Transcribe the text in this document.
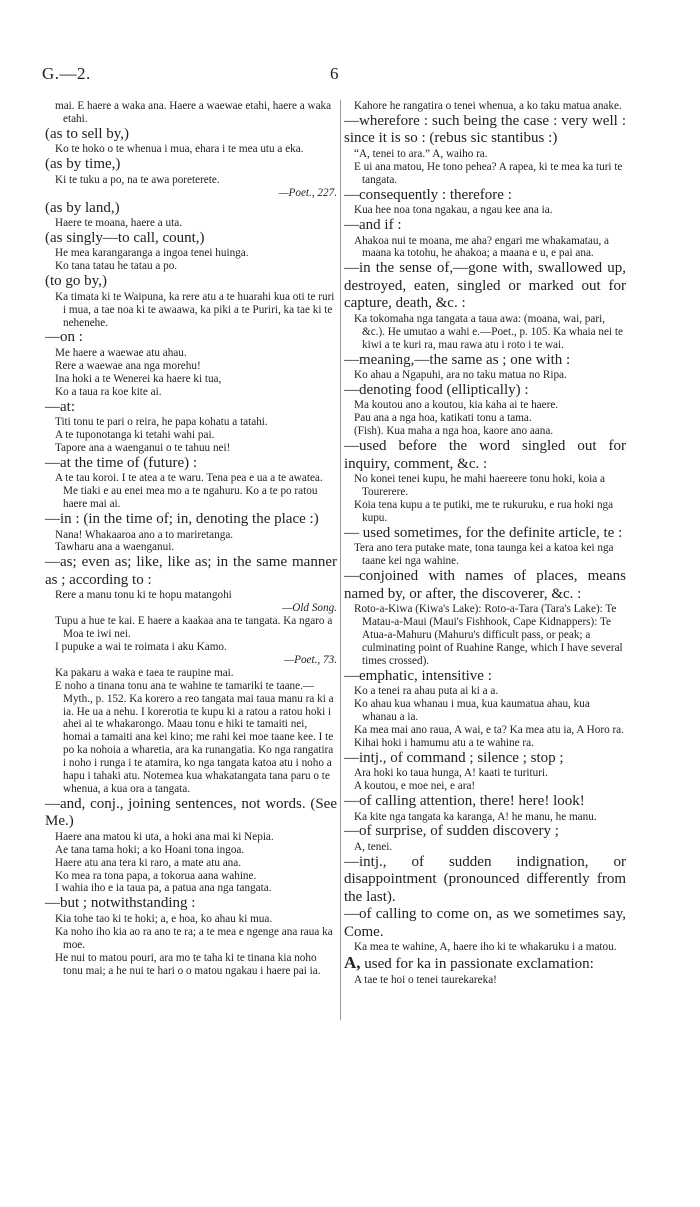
G.—2.	6

mai. E haere a waka ana. Haere a waewae etahi, haere a waka etahi.

(as to sell by,)

Ko te hoko o te whenua i mua, ehara i te mea utu a eka.

(as by time,)

Ki te tuku a po, na te awa poreterete.

—Poet., 227.

(as by land,)

Haere te moana, haere a uta.

(as singly—to call, count,)

He mea karangaranga a ingoa tenei huinga.

Ko tana tatau he tatau a po.

(to go by,)

Ka timata ki te Waipuna, ka rere atu a te huarahi kua oti te ruri i mua, a tae noa ki te awaawa, ka piki a te Puriri, ka tae ki te nehenehe.

—on :

Me haere a waewae atu ahau.

Rere a waewae ana nga morehu!

Ina hoki a te Wenerei ka haere ki tua,

Ko a taua ra koe kite ai.

—at:

Titi tonu te pari o reira, he papa kohatu a tatahi.

A te tuponotanga ki tetahi wahi pai.

Tapore ana a waenganui o te tahuu nei!

—at the time of (future) :

A te tau koroi. I te atea a te waru. Tena pea e ua a te awatea. Me tiaki e au enei mea mo a te ngahuru. Ko a te po ratou haere mai ai.

—in : (in the time of; in, denoting the place :)

Nana! Whakaaroa ano a to mariretanga.

Tawharu ana a waenganui.

—as; even as; like, like as; in the same manner as ; according to :

Rere a manu tonu ki te hopu matangohi

—Old Song.

Tupu a hue te kai. E haere a kaakaa ana te tangata. Ka ngaro a Moa te iwi nei.

I pupuke a wai te roimata i aku Kamo.

—Poet., 73.

Ka pakaru a waka e taea te raupine mai.

E noho a tinana tonu ana te wahine te tamariki te taane.—Myth., p. 152. Ka korero a reo tangata mai taua manu ra ki a ia. He ua a nehu. I korerotia te kupu ki a ratou a ratou hoki i ahei ai te whakarongo. Maau tonu e hiki te tamaiti nei, homai a tamaiti ana kei kino; me rahi kei moe taane kee. I te po ka nohoia a wharetia, ara ka runangatia. Ko nga rangatira i noho i runga i te atamira, ko nga tangata katoa atu i noho a hapu i tahaki atu. Notemea kua whakatangata tana paru o te whenua, a kua ora a tangata.

—and, conj., joining sentences, not words. (See Me.)

Haere ana matou ki uta, a hoki ana mai ki Nepia.

Ae tana tama hoki; a ko Hoani tona ingoa.

Haere atu ana tera ki raro, a mate atu ana.

Ko mea ra tona papa, a tokorua aana wahine.

I wahia iho e ia taua pa, a patua ana nga tangata.

—but ; notwithstanding :

Kia tohe tao ki te hoki; a, e hoa, ko ahau ki mua.

Ka noho iho kia ao ra ano te ra; a te mea e ngenge ana raua ka moe.

He nui to matou pouri, ara mo te taha ki te tinana kia noho tonu mai; a he nui te hari o o matou ngakau i haere pai ia.

Kahore he rangatira o tenei whenua, a ko taku matua anake.

—wherefore : such being the case : very well : since it is so : (rebus sic stantibus :)

“A, tenei to ara.” A, waiho ra.

E ui ana matou, He tono pehea? A rapea, ki te mea ka turi te tangata.

—consequently : therefore :

Kua hee noa tona ngakau, a ngau kee ana ia.

—and if :

Ahakoa nui te moana, me aha? engari me whakamatau, a maana ka totohu, he ahakoa; a maana e u, e pai ana.

—in the sense of,—gone with, swallowed up, destroyed, eaten, singled or marked out for capture, death, &c. :

Ka tokomaha nga tangata a taua awa: (moana, wai, pari, &c.). He umutao a wahi e.—Poet., p. 105. Ka whaia nei te kiwi a te kuri ra, mau rawa atu i roto i te wai.

—meaning,—the same as ; one with :

Ko ahau a Ngapuhi, ara no taku matua no Ripa.

—denoting food (elliptically) :

Ma koutou ano a koutou, kia kaha ai te haere.

Pau ana a nga hoa, katikati tonu a tama.

(Fish). Kua maha a nga hoa, kaore ano aana.

—used before the word singled out for inquiry, comment, &c. :

No konei tenei kupu, he mahi haereere tonu hoki, koia a Tourerere.

Koia tena kupu a te putiki, me te rukuruku, e rua hoki nga kupu.

— used sometimes, for the definite article, te :

Tera ano tera putake mate, tona taunga kei a katoa kei nga taane kei nga wahine.

—conjoined with names of places, means named by, or after, the discoverer, &c. :

Roto-a-Kiwa (Kiwa's Lake): Roto-a-Tara (Tara's Lake): Te Matau-a-Maui (Maui's Fishhook, Cape Kidnappers): Te Atua-a-Mahuru (Mahuru's difficult pass, or peak; a culminating point of Ruahine Range, which I have several times crossed).

—emphatic, intensitive :

Ko a tenei ra ahau puta ai ki a a.

Ko ahau kua whanau i mua, kua kaumatua ahau, kua whanau a ia.

Ka mea mai ano raua, A wai, e ta? Ka mea atu ia, A Horo ra.

Kihai hoki i hamumu atu a te wahine ra.

—intj., of command ; silence ; stop ;

Ara hoki ko taua hunga, A! kaati te turituri.

A koutou, e moe nei, e ara!

—of calling attention, there! here! look!

Ka kite nga tangata ka karanga, A! he manu, he manu.

—of surprise, of sudden discovery ;

A, tenei.

—intj., of sudden indignation, or disappointment (pronounced differently from the last).

—of calling to come on, as we sometimes say, Come.

Ka mea te wahine, A, haere iho ki te whakaruku i a matou.

A, used for ka in passionate exclamation:

A tae te hoi o tenei taurekareka!
